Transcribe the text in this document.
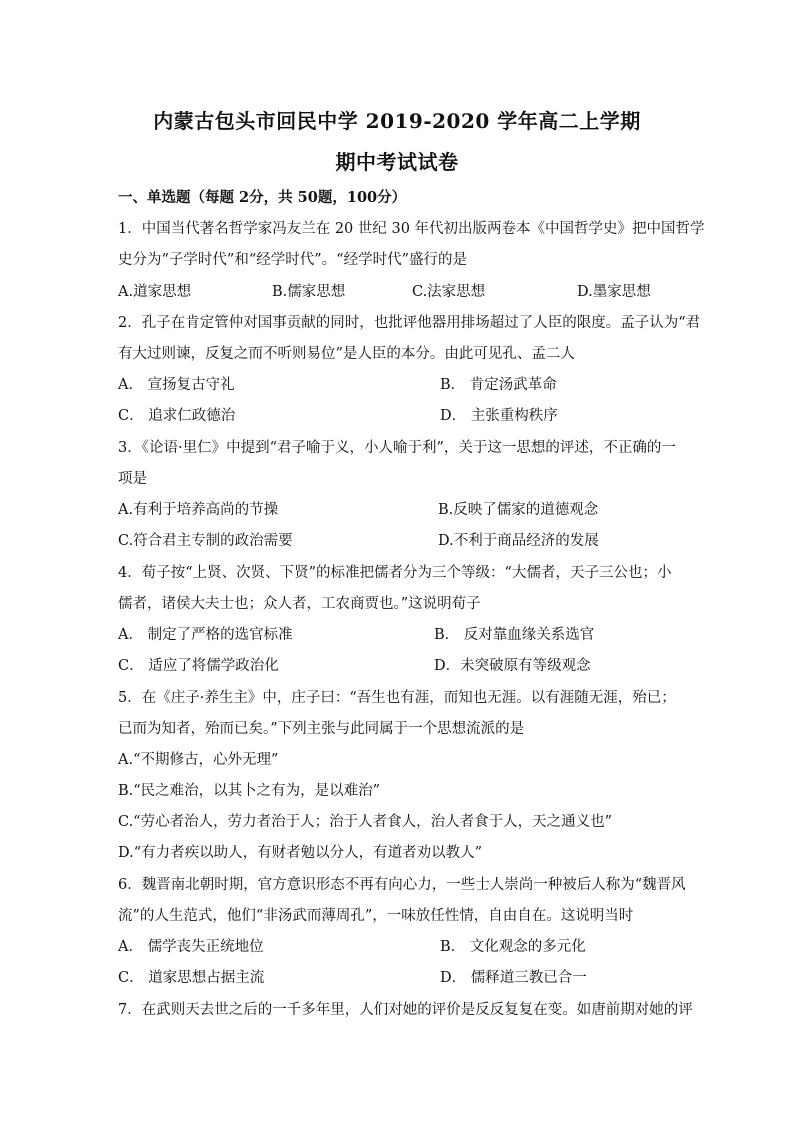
内蒙古包头市回民中学 2019-2020 学年高二上学期
期中考试试卷
一、单选题（每题 2分，共 50题，100分）
1．中国当代著名哲学家冯友兰在 20 世纪 30 年代初出版两卷本《中国哲学史》把中国哲学
史分为“子学时代”和“经学时代”。“经学时代”盛行的是
A.道家思想	B.儒家思想	C.法家思想	D.墨家思想
2．孔子在肯定管仲对国事贡献的同时，也批评他器用排场超过了人臣的限度。孟子认为“君
有大过则谏，反复之而不听则易位”是人臣的本分。由此可见孔、孟二人
A． 宣扬复古守礼	B． 肯定汤武革命
C． 追求仁政德治	D． 主张重构秩序
3．《论语·里仁》中提到“君子喻于义，小人喻于利”，关于这一思想的评述，不正确的一
项是
A.有利于培养高尚的节操	B.反映了儒家的道德观念
C.符合君主专制的政治需要	D.不利于商品经济的发展
4．荀子按“上贤、次贤、下贤”的标准把儒者分为三个等级：“大儒者，天子三公也；小
儒者，诸侯大夫士也；众人者，工农商贾也。”这说明荀子
A． 制定了严格的选官标准	B． 反对靠血缘关系选官
C． 适应了将儒学政治化	D．未突破原有等级观念
5．在《庄子·养生主》中，庄子曰：“吾生也有涯，而知也无涯。以有涯随无涯，殆已；
已而为知者，殆而已矣。”下列主张与此同属于一个思想流派的是
A.“不期修古，心外无理”
B.“民之难治，以其卜之有为，是以难治”
C.“劳心者治人，劳力者治于人；治于人者食人，治人者食于人，天之通义也”
D.“有力者疾以助人，有财者勉以分人，有道者劝以教人”
6．魏晋南北朝时期，官方意识形态不再有向心力，一些士人崇尚一种被后人称为“魏晋风
流”的人生范式，他们“非汤武而薄周孔”，一味放任性情，自由自在。这说明当时
A． 儒学丧失正统地位	B． 文化观念的多元化
C． 道家思想占据主流	D． 儒释道三教已合一
7．在武则天去世之后的一千多年里，人们对她的评价是反反复复在变。如唐前期对她的评
